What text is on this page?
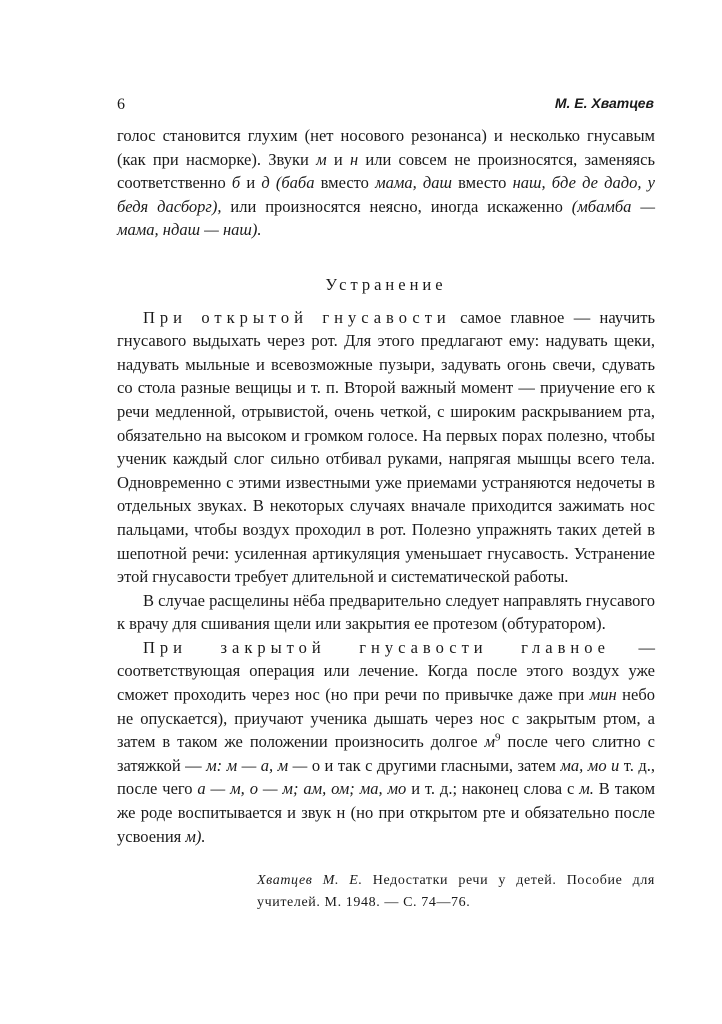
6	М. Е. Хватцев

голос становится глухим (нет носового резонанса) и несколько гнусавым (как при насморке). Звуки м и н или совсем не произносятся, заменяясь соответственно б и д (баба вместо мама, даш вместо наш, бде де дадо, у бедя дасборг), или произносятся неясно, иногда искаженно (мбамба — мама, ндаш — наш).

Устранение

При открытой гнусавости самое главное — научить гнусавого выдыхать через рот. Для этого предлагают ему: надувать щеки, надувать мыльные и всевозможные пузыри, задувать огонь свечи, сдувать со стола разные вещицы и т. п. Второй важный момент — приучение его к речи медленной, отрывистой, очень четкой, с широким раскрыванием рта, обязательно на высоком и громком голосе. На первых порах полезно, чтобы ученик каждый слог сильно отбивал руками, напрягая мышцы всего тела. Одновременно с этими известными уже приемами устраняются недочеты в отдельных звуках. В некоторых случаях вначале приходится зажимать нос пальцами, чтобы воздух проходил в рот. Полезно упражнять таких детей в шепотной речи: усиленная артикуляция уменьшает гнусавость. Устранение этой гнусавости требует длительной и систематической работы.

В случае расщелины нёба предварительно следует направлять гнусавого к врачу для сшивания щели или закрытия ее протезом (обтуратором).

При закрытой гнусавости главное — соответствующая операция или лечение. Когда после этого воздух уже сможет проходить через нос (но при речи по привычке даже при мин небо не опускается), приучают ученика дышать через нос с закрытым ртом, а затем в таком же положении произносить долгое $м^9$ после чего слитно с затяжкой — м: м — а, м — о и так с другими гласными, затем ма, мо и т. д., после чего а — м, о — м; ам, ом; ма, мо и т. д.; наконец слова с м. В таком же роде воспитывается и звук н (но при открытом рте и обязательно после усвоения м).

Хватцев М. Е. Недостатки речи у детей. Пособие для учителей. М. 1948. — С. 74—76.
